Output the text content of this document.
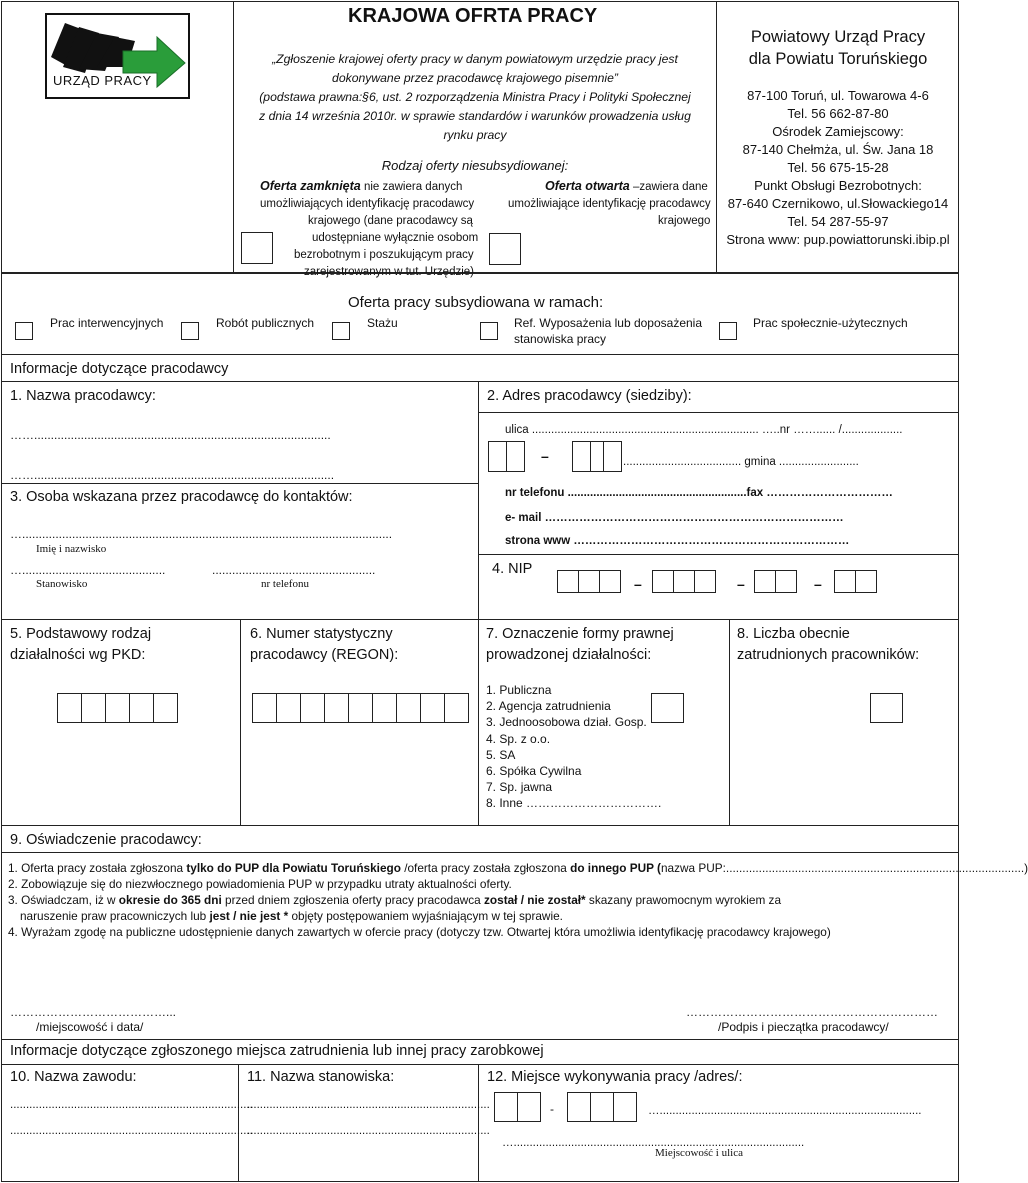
URZĄD PRACY
KRAJOWA OFRTA PRACY
„Zgłoszenie krajowej oferty pracy w danym powiatowym urzędzie pracy jest
dokonywane przez pracodawcę krajowego pisemnie”
(podstawa prawna:§6, ust. 2 rozporządzenia Ministra Pracy i Polityki Społecznej
z dnia 14 września 2010r. w sprawie standardów i warunków prowadzenia usług
rynku pracy
Rodzaj oferty niesubsydiowanej:
Oferta zamknięta nie zawiera danych
umożliwiających identyfikację pracodawcy
krajowego (dane pracodawcy są
udostępniane wyłącznie osobom
bezrobotnym i poszukującym pracy
zarejestrowanym w tut. Urzędzie)
Oferta otwarta –zawiera dane
umożliwiające identyfikację pracodawcy
krajowego
Powiatowy Urząd Pracy
dla Powiatu Toruńskiego
87-100 Toruń, ul. Towarowa 4-6
Tel. 56 662-87-80
Ośrodek Zamiejscowy:
87-140 Chełmża, ul. Św. Jana 18
Tel. 56 675-15-28
Punkt Obsługi Bezrobotnych:
87-640 Czernikowo, ul.Słowackiego14
Tel. 54 287-55-97
Strona www: pup.powiattorunski.ibip.pl
Oferta pracy subsydiowana w ramach:
Prac interwencyjnych	Robót publicznych	Stażu	Ref. Wyposażenia lub doposażenia
stanowiska pracy
Prac społecznie-użytecznych
Informacje dotyczące pracodawcy
1. Nazwa pracodawcy:
…….........................................................................................
……..........................................................................................
3. Osoba wskazana przez pracodawcę do kontaktów:
…...............................................................................................................
Imię i nazwisko
…...........................................	.................................................
Stanowisko	nr telefonu
2. Adres pracodawcy (siedziby):
ulica ....................................................................... …..nr ……...... /...................
–	..................................... gmina .........................
nr telefonu ........................................................fax ……………………………
e- mail ……………………………………………………………………
strona www ………………………………………………………………
4. NIP
–	–	–
5. Podstawowy rodzaj
działalności wg PKD:
6. Numer statystyczny
pracodawcy (REGON):
7. Oznaczenie formy prawnej
prowadzonej działalności:
8. Liczba obecnie
zatrudnionych pracowników:
1. Publiczna
2. Agencja zatrudnienia
3. Jednoosobowa dział. Gosp.
4. Sp. z o.o.
5. SA
6. Spółka Cywilna
7. Sp. jawna
8. Inne …………………………….
9. Oświadczenie pracodawcy:
1. Oferta pracy została zgłoszona tylko do PUP dla Powiatu Toruńskiego /oferta pracy została zgłoszona do innego PUP (nazwa PUP:...........................................................................................)
2. Zobowiązuje się do niezwłocznego powiadomienia PUP w przypadku utraty aktualności oferty.
3. Oświadczam, iż w okresie do 365 dni przed dniem zgłoszenia oferty pracy pracodawca został / nie został* skazany prawomocnym wyrokiem za
naruszenie praw pracowniczych lub jest / nie jest * objęty postępowaniem wyjaśniającym w tej sprawie.
4. Wyrażam zgodę na publiczne udostępnienie danych zawartych w ofercie pracy (dotyczy tzw. Otwartej która umożliwia identyfikację pracodawcy krajowego)
…………………………………...
/miejscowość i data/
………………………………………………………
/Podpis i pieczątka pracodawcy/
Informacje dotyczące zgłoszonego miejsca zatrudnienia lub innej pracy zarobkowej
10. Nazwa zawodu:
............................................................................
............................................................................
11. Nazwa stanowiska:
............................................................................
............................................................................
12. Miejsce wykonywania pracy /adres/:
-	…..................................................................................
…...........................................................................................
Miejscowość i ulica
